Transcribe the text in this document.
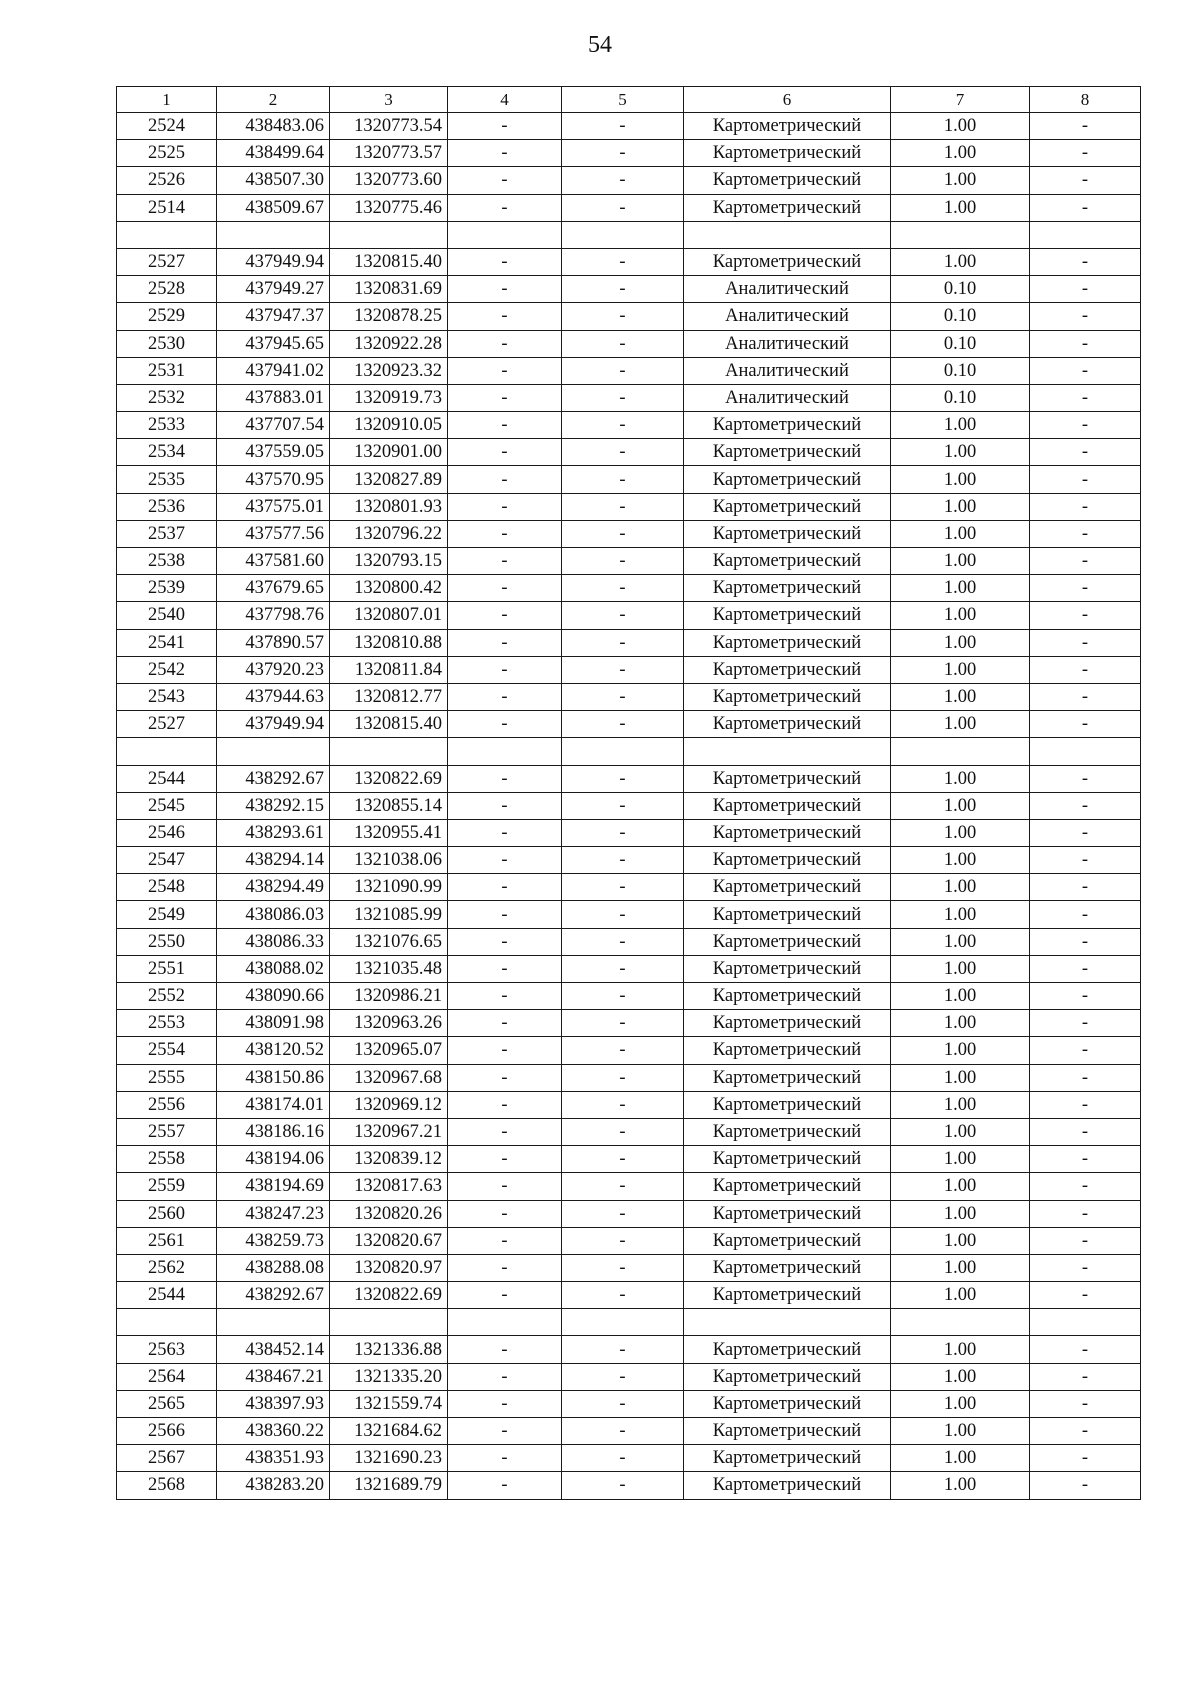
54
1	2	3	4	5	6	7	8
2524	438483.06	1320773.54	-	-	Картометрический	1.00	-
2525	438499.64	1320773.57	-	-	Картометрический	1.00	-
2526	438507.30	1320773.60	-	-	Картометрический	1.00	-
2514	438509.67	1320775.46	-	-	Картометрический	1.00	-

2527	437949.94	1320815.40	-	-	Картометрический	1.00	-
2528	437949.27	1320831.69	-	-	Аналитический	0.10	-
2529	437947.37	1320878.25	-	-	Аналитический	0.10	-
2530	437945.65	1320922.28	-	-	Аналитический	0.10	-
2531	437941.02	1320923.32	-	-	Аналитический	0.10	-
2532	437883.01	1320919.73	-	-	Аналитический	0.10	-
2533	437707.54	1320910.05	-	-	Картометрический	1.00	-
2534	437559.05	1320901.00	-	-	Картометрический	1.00	-
2535	437570.95	1320827.89	-	-	Картометрический	1.00	-
2536	437575.01	1320801.93	-	-	Картометрический	1.00	-
2537	437577.56	1320796.22	-	-	Картометрический	1.00	-
2538	437581.60	1320793.15	-	-	Картометрический	1.00	-
2539	437679.65	1320800.42	-	-	Картометрический	1.00	-
2540	437798.76	1320807.01	-	-	Картометрический	1.00	-
2541	437890.57	1320810.88	-	-	Картометрический	1.00	-
2542	437920.23	1320811.84	-	-	Картометрический	1.00	-
2543	437944.63	1320812.77	-	-	Картометрический	1.00	-
2527	437949.94	1320815.40	-	-	Картометрический	1.00	-

2544	438292.67	1320822.69	-	-	Картометрический	1.00	-
2545	438292.15	1320855.14	-	-	Картометрический	1.00	-
2546	438293.61	1320955.41	-	-	Картометрический	1.00	-
2547	438294.14	1321038.06	-	-	Картометрический	1.00	-
2548	438294.49	1321090.99	-	-	Картометрический	1.00	-
2549	438086.03	1321085.99	-	-	Картометрический	1.00	-
2550	438086.33	1321076.65	-	-	Картометрический	1.00	-
2551	438088.02	1321035.48	-	-	Картометрический	1.00	-
2552	438090.66	1320986.21	-	-	Картометрический	1.00	-
2553	438091.98	1320963.26	-	-	Картометрический	1.00	-
2554	438120.52	1320965.07	-	-	Картометрический	1.00	-
2555	438150.86	1320967.68	-	-	Картометрический	1.00	-
2556	438174.01	1320969.12	-	-	Картометрический	1.00	-
2557	438186.16	1320967.21	-	-	Картометрический	1.00	-
2558	438194.06	1320839.12	-	-	Картометрический	1.00	-
2559	438194.69	1320817.63	-	-	Картометрический	1.00	-
2560	438247.23	1320820.26	-	-	Картометрический	1.00	-
2561	438259.73	1320820.67	-	-	Картометрический	1.00	-
2562	438288.08	1320820.97	-	-	Картометрический	1.00	-
2544	438292.67	1320822.69	-	-	Картометрический	1.00	-

2563	438452.14	1321336.88	-	-	Картометрический	1.00	-
2564	438467.21	1321335.20	-	-	Картометрический	1.00	-
2565	438397.93	1321559.74	-	-	Картометрический	1.00	-
2566	438360.22	1321684.62	-	-	Картометрический	1.00	-
2567	438351.93	1321690.23	-	-	Картометрический	1.00	-
2568	438283.20	1321689.79	-	-	Картометрический	1.00	-
